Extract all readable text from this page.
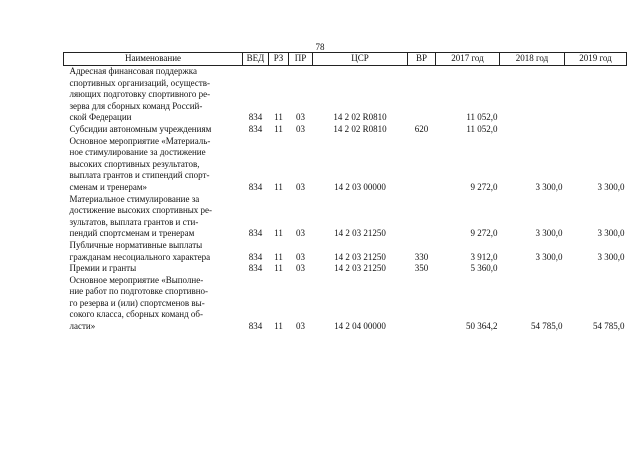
78
Наименование	ВЕД	РЗ	ПР	ЦСР	ВР	2017 год	2018 год	2019 год

Адресная финансовая поддержка
спортивных организаций, осуществ-
ляющих подготовку спортивного ре-
зерва для сборных команд Россий-
ской Федерации	834	11	03	14 2 02 R0810		11 052,0		

Субсидии автономным учреждениям	834	11	03	14 2 02 R0810	620	11 052,0		

Основное мероприятие «Материаль-
ное стимулирование за достижение
высоких спортивных результатов,
выплата грантов и стипендий спорт-
сменам и тренерам»	834	11	03	14 2 03 00000		9 272,0	3 300,0	3 300,0

Материальное стимулирование за
достижение высоких спортивных ре-
зультатов, выплата грантов и сти-
пендий спортсменам и тренерам	834	11	03	14 2 03 21250		9 272,0	3 300,0	3 300,0

Публичные нормативные выплаты
гражданам несоциального характера	834	11	03	14 2 03 21250	330	3 912,0	3 300,0	3 300,0

Премии и гранты	834	11	03	14 2 03 21250	350	5 360,0		

Основное мероприятие «Выполне-
ние работ по подготовке спортивно-
го резерва и (или) спортсменов вы-
сокого класса, сборных команд об-
ласти»	834	11	03	14 2 04 00000		50 364,2	54 785,0	54 785,0
